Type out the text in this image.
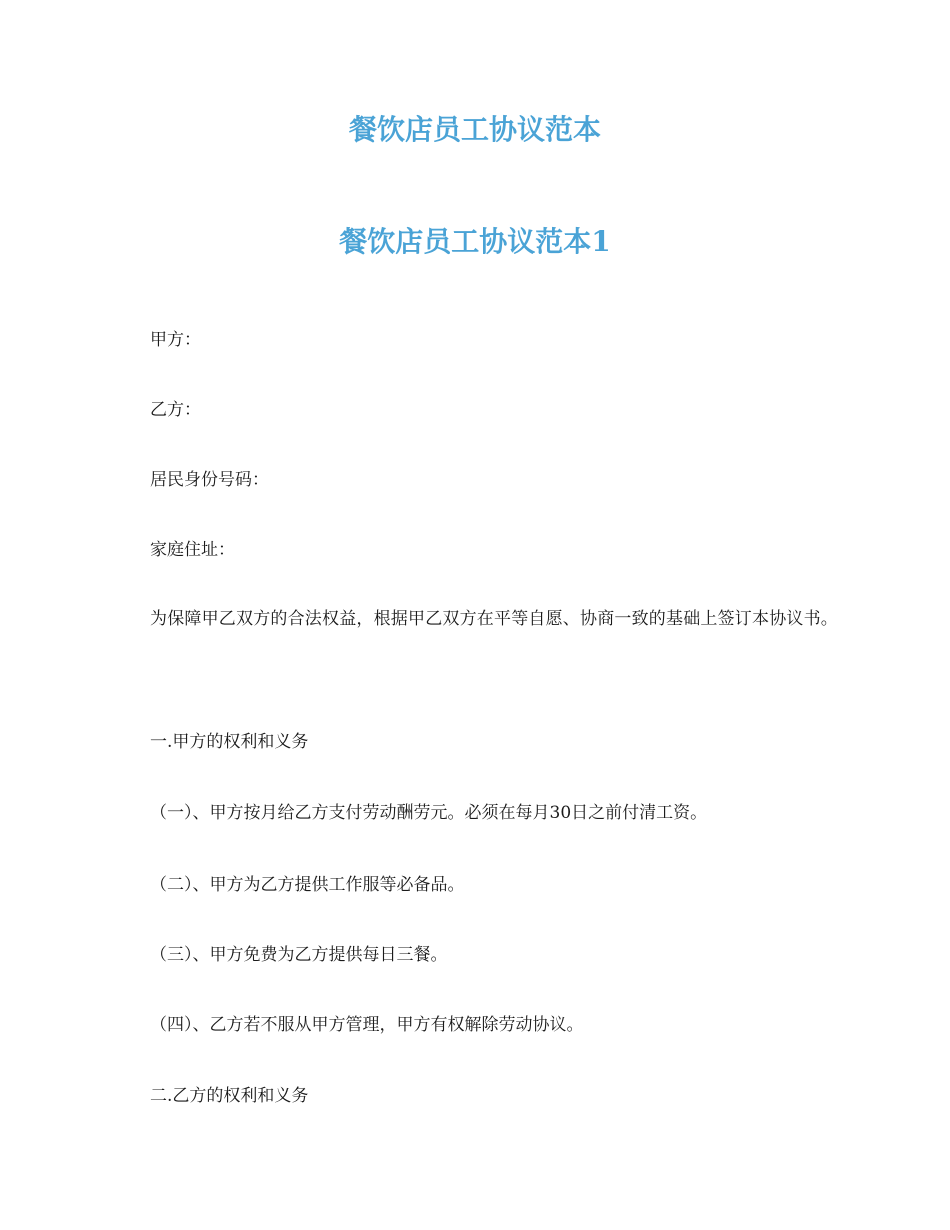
餐饮店员工协议范本
餐饮店员工协议范本1

甲方：

乙方：

居民身份号码：

家庭住址：

为保障甲乙双方的合法权益，根据甲乙双方在平等自愿、协商一致的基础上签订本协议书。

一.甲方的权利和义务

（一）、甲方按月给乙方支付劳动酬劳元。必须在每月30日之前付清工资。

（二）、甲方为乙方提供工作服等必备品。

（三）、甲方免费为乙方提供每日三餐。

（四）、乙方若不服从甲方管理，甲方有权解除劳动协议。

二.乙方的权利和义务
